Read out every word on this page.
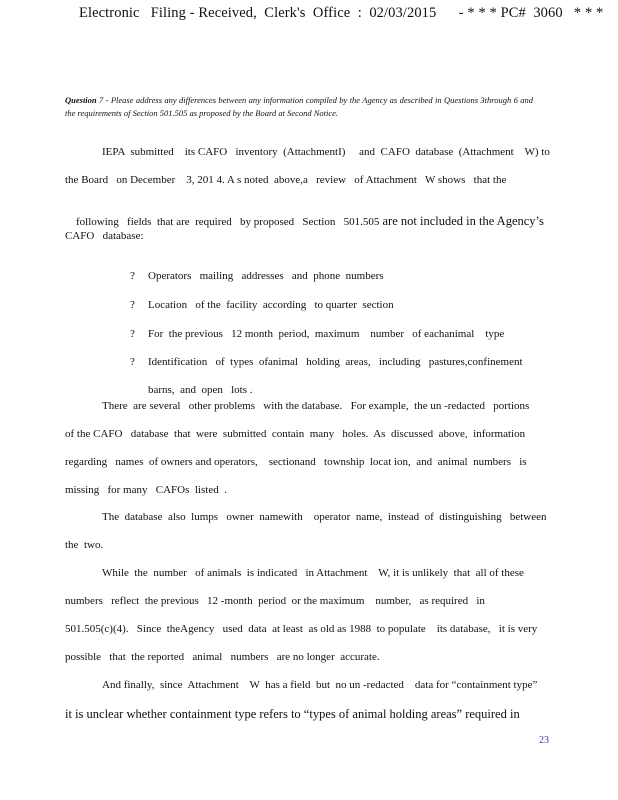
Electronic   Filing - Received,  Clerk's  Office  :  02/03/2015      - * * * PC#  3060   * * *
Question 7 - Please address any differences between any information compiled by the Agency as described in Questions 3through 6 and the requirements of Section 501.505 as proposed by the Board at Second Notice.
IEPA  submitted    its CAFO   inventory  (AttachmentI)     and  CAFO  database  (Attachment    W) to
the Board   on December    3, 201 4. A s noted  above,a   review   of Attachment   W shows   that the

following   fields  that are  required   by proposed   Section   501.505 are not included in the Agency’s

CAFO   database:

? Operators   mailing   addresses   and  phone  numbers

? Location   of the  facility  according   to quarter  section

? For  the previous   12 month  period,  maximum    number   of eachanimal    type

? Identification   of  types  ofanimal   holding  areas,   including   pastures,confinement

barns,  and  open   lots .

There  are several   other problems   with the database.   For example,  the un -redacted   portions
of the CAFO   database  that  were  submitted  contain  many   holes.  As  discussed  above,  information
regarding   names  of owners and operators,    sectionand   township  locat ion,  and  animal  numbers   is
missing   for many   CAFOs  listed  .
The  database  also  lumps   owner  namewith    operator  name,  instead  of  distinguishing   between
the  two.
While  the  number   of animals  is indicated   in Attachment    W, it is unlikely  that  all of these
numbers   reflect  the previous   12 -month  period  or the maximum    number,   as required   in
501.505(c)(4).   Since  theAgency   used  data  at least  as old as 1988  to populate    its database,   it is very
possible   that  the reported   animal   numbers   are no longer  accurate.
And finally,  since  Attachment    W  has a field  but  no un -redacted    data for “containment type”
it is unclear whether containment type refers to “types of animal holding areas” required in
23
